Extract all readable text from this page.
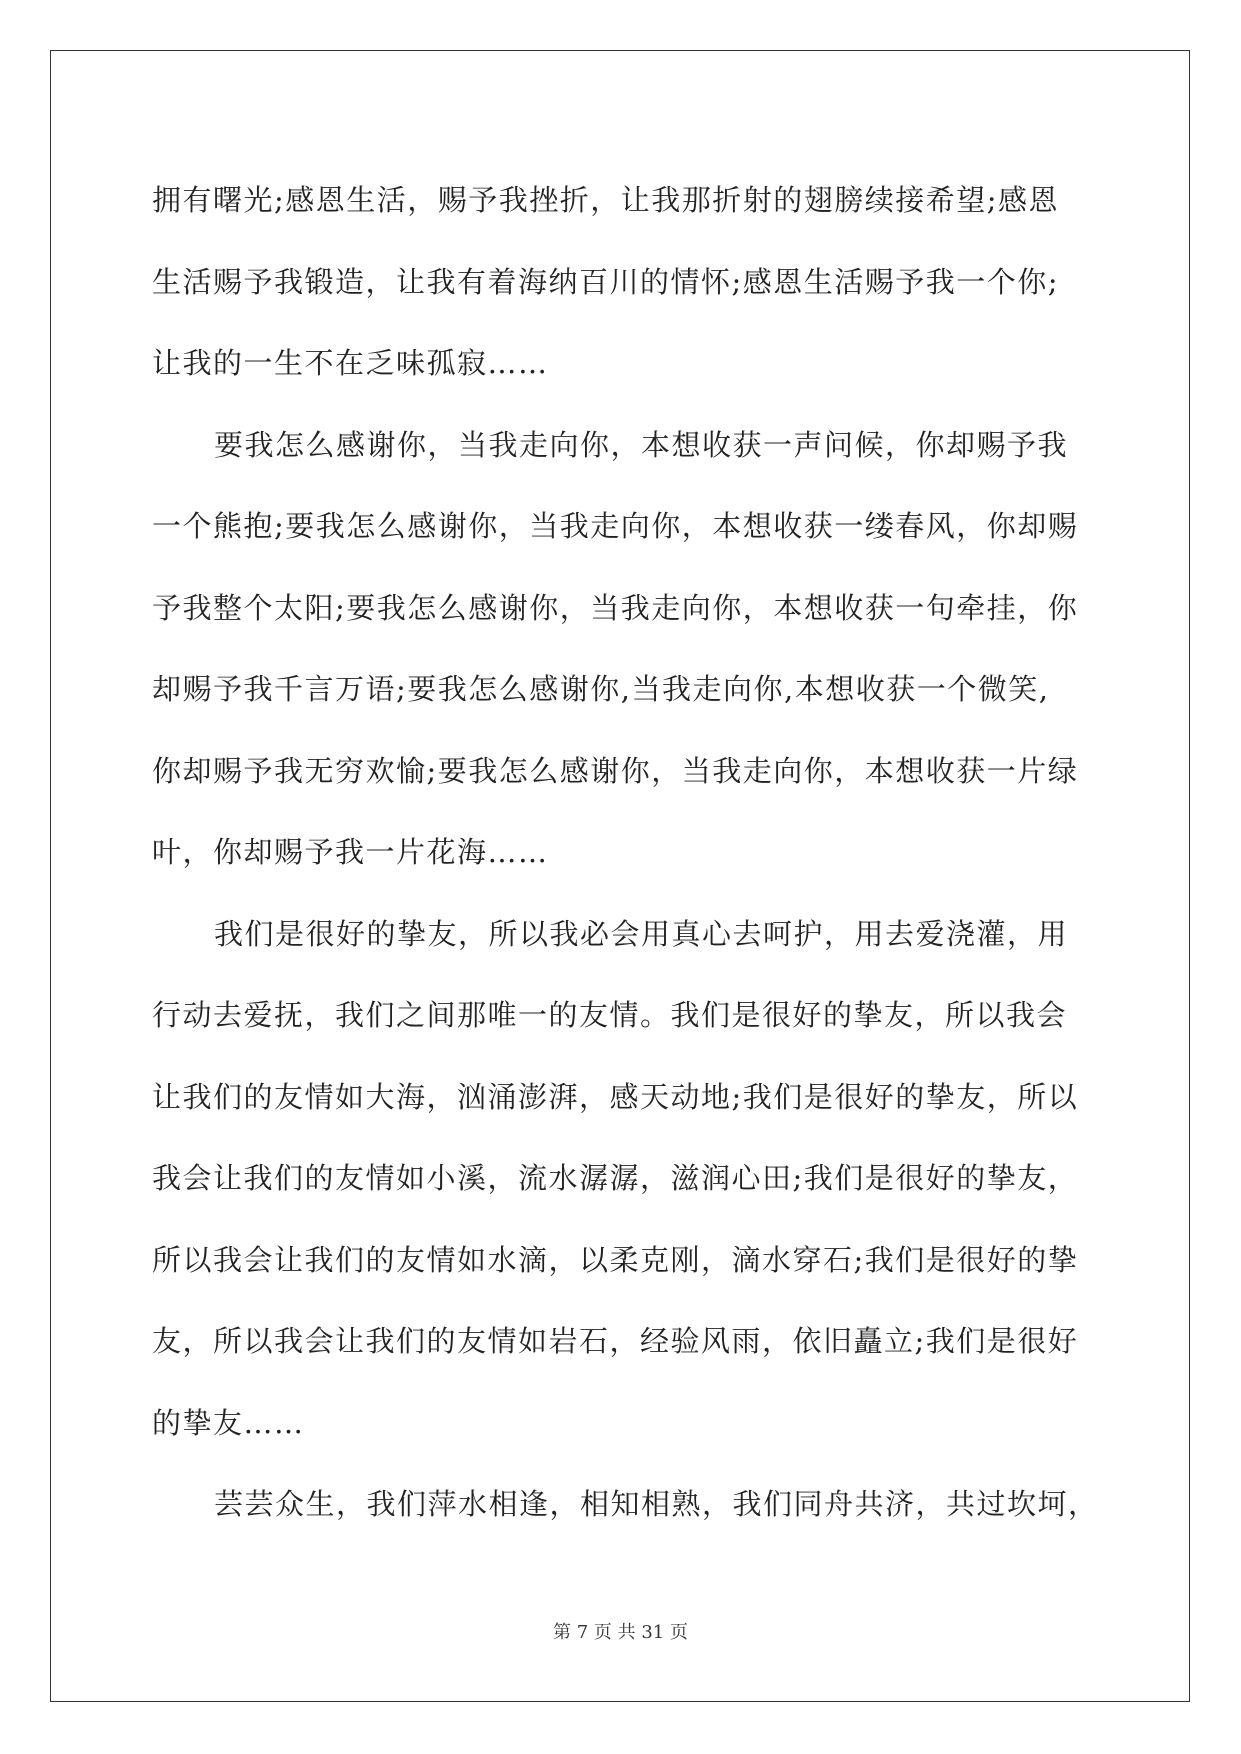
拥有曙光;感恩生活，赐予我挫折，让我那折射的翅膀续接希望;感恩
生活赐予我锻造，让我有着海纳百川的情怀;感恩生活赐予我一个你;
让我的一生不在乏味孤寂……
要我怎么感谢你，当我走向你，本想收获一声问候，你却赐予我
一个熊抱;要我怎么感谢你，当我走向你，本想收获一缕春风，你却赐
予我整个太阳;要我怎么感谢你，当我走向你，本想收获一句牵挂，你
却赐予我千言万语;要我怎么感谢你,当我走向你,本想收获一个微笑,
你却赐予我无穷欢愉;要我怎么感谢你，当我走向你，本想收获一片绿
叶，你却赐予我一片花海……
我们是很好的挚友，所以我必会用真心去呵护，用去爱浇灌，用
行动去爱抚，我们之间那唯一的友情。我们是很好的挚友，所以我会
让我们的友情如大海，汹涌澎湃，感天动地;我们是很好的挚友，所以
我会让我们的友情如小溪，流水潺潺，滋润心田;我们是很好的挚友，
所以我会让我们的友情如水滴，以柔克刚，滴水穿石;我们是很好的挚
友，所以我会让我们的友情如岩石，经验风雨，依旧矗立;我们是很好
的挚友……
芸芸众生，我们萍水相逢，相知相熟，我们同舟共济，共过坎坷，
第 7 页 共 31 页
